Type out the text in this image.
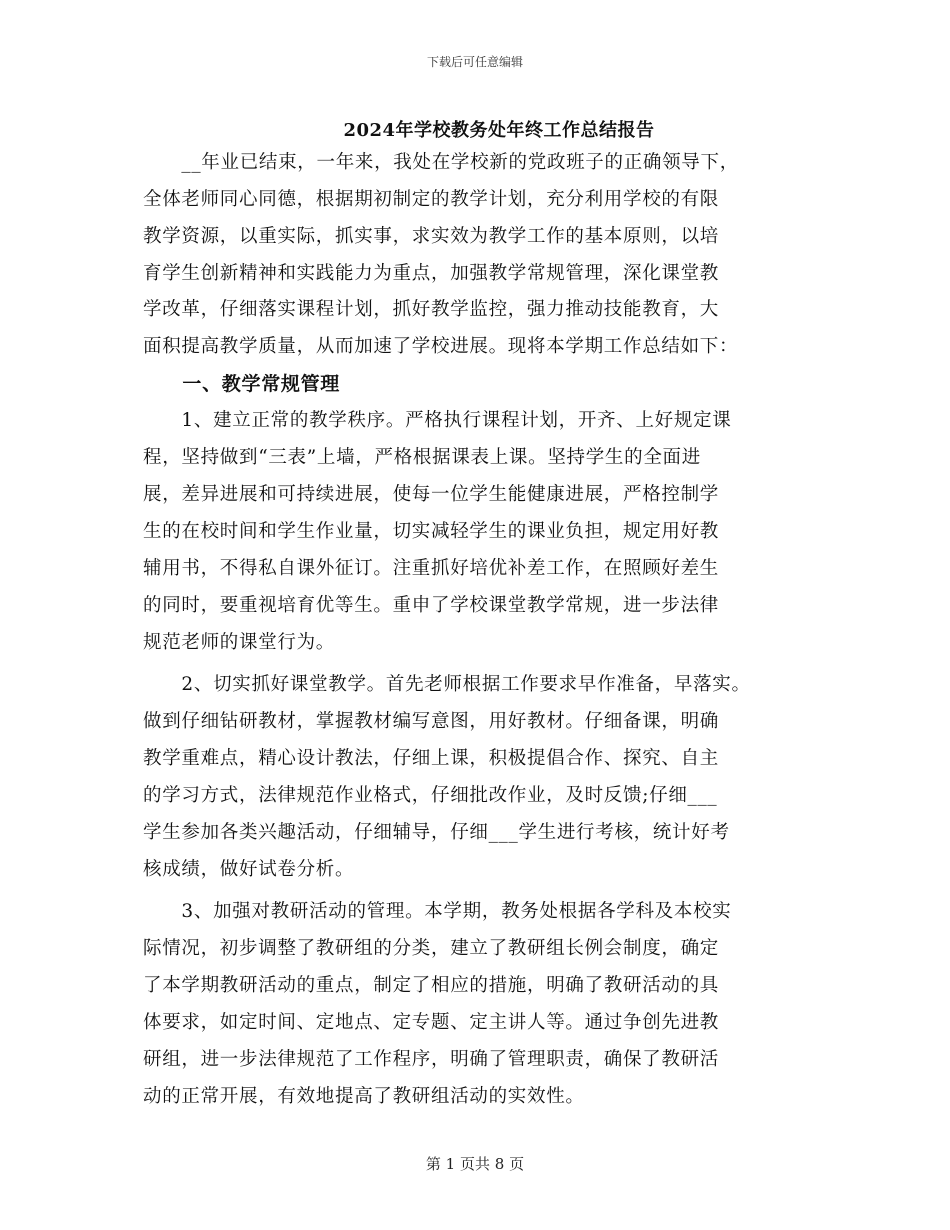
下载后可任意编辑
2024年学校教务处年终工作总结报告
　　__年业已结束，一年来，我处在学校新的党政班子的正确领导下，
全体老师同心同德，根据期初制定的教学计划，充分利用学校的有限
教学资源，以重实际，抓实事，求实效为教学工作的基本原则，以培
育学生创新精神和实践能力为重点，加强教学常规管理，深化课堂教
学改革，仔细落实课程计划，抓好教学监控，强力推动技能教育，大
面积提高教学质量，从而加速了学校进展。现将本学期工作总结如下：
　　一、教学常规管理
　　1、建立正常的教学秩序。严格执行课程计划，开齐、上好规定课
程，坚持做到“三表”上墙，严格根据课表上课。坚持学生的全面进
展，差异进展和可持续进展，使每一位学生能健康进展，严格控制学
生的在校时间和学生作业量，切实减轻学生的课业负担，规定用好教
辅用书，不得私自课外征订。注重抓好培优补差工作，在照顾好差生
的同时，要重视培育优等生。重申了学校课堂教学常规，进一步法律
规范老师的课堂行为。
　　2、切实抓好课堂教学。首先老师根据工作要求早作准备，早落实。
做到仔细钻研教材，掌握教材编写意图，用好教材。仔细备课，明确
教学重难点，精心设计教法，仔细上课，积极提倡合作、探究、自主
的学习方式，法律规范作业格式，仔细批改作业，及时反馈;仔细___
学生参加各类兴趣活动，仔细辅导，仔细___学生进行考核，统计好考
核成绩，做好试卷分析。
　　3、加强对教研活动的管理。本学期，教务处根据各学科及本校实
际情况，初步调整了教研组的分类，建立了教研组长例会制度，确定
了本学期教研活动的重点，制定了相应的措施，明确了教研活动的具
体要求，如定时间、定地点、定专题、定主讲人等。通过争创先进教
研组，进一步法律规范了工作程序，明确了管理职责，确保了教研活
动的正常开展，有效地提高了教研组活动的实效性。
第 1 页共 8 页
